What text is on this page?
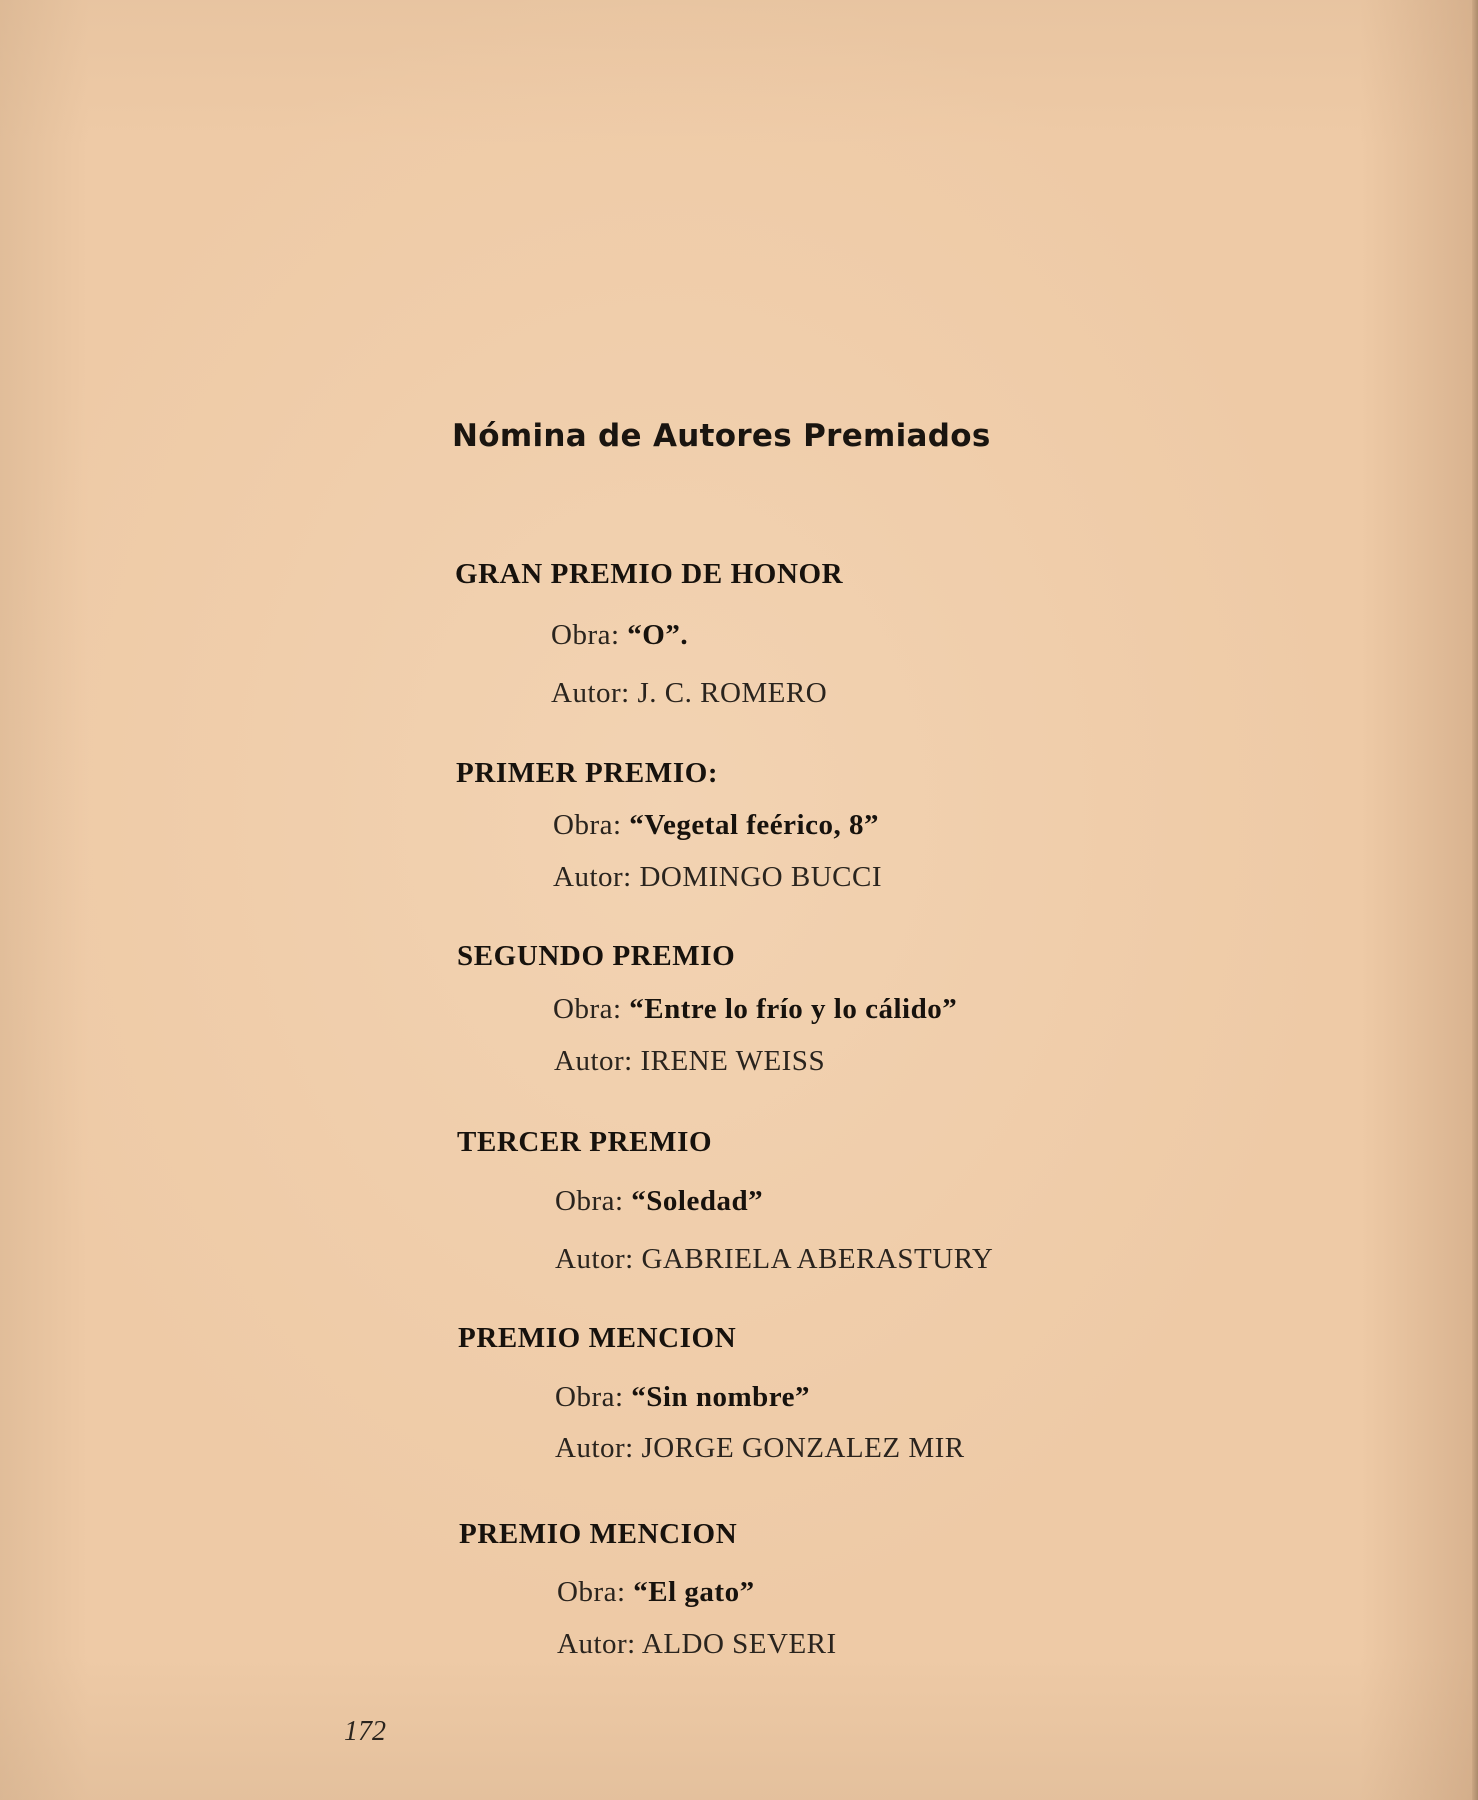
Nómina de Autores Premiados
GRAN PREMIO DE HONOR
Obra: “O”.
Autor: J. C. ROMERO
PRIMER PREMIO:
Obra: “Vegetal feérico, 8”
Autor: DOMINGO BUCCI
SEGUNDO PREMIO
Obra: “Entre lo frío y lo cálido”
Autor: IRENE WEISS
TERCER PREMIO
Obra: “Soledad”
Autor: GABRIELA ABERASTURY
PREMIO MENCION
Obra: “Sin nombre”
Autor: JORGE GONZALEZ MIR
PREMIO MENCION
Obra: “El gato”
Autor: ALDO SEVERI
172
